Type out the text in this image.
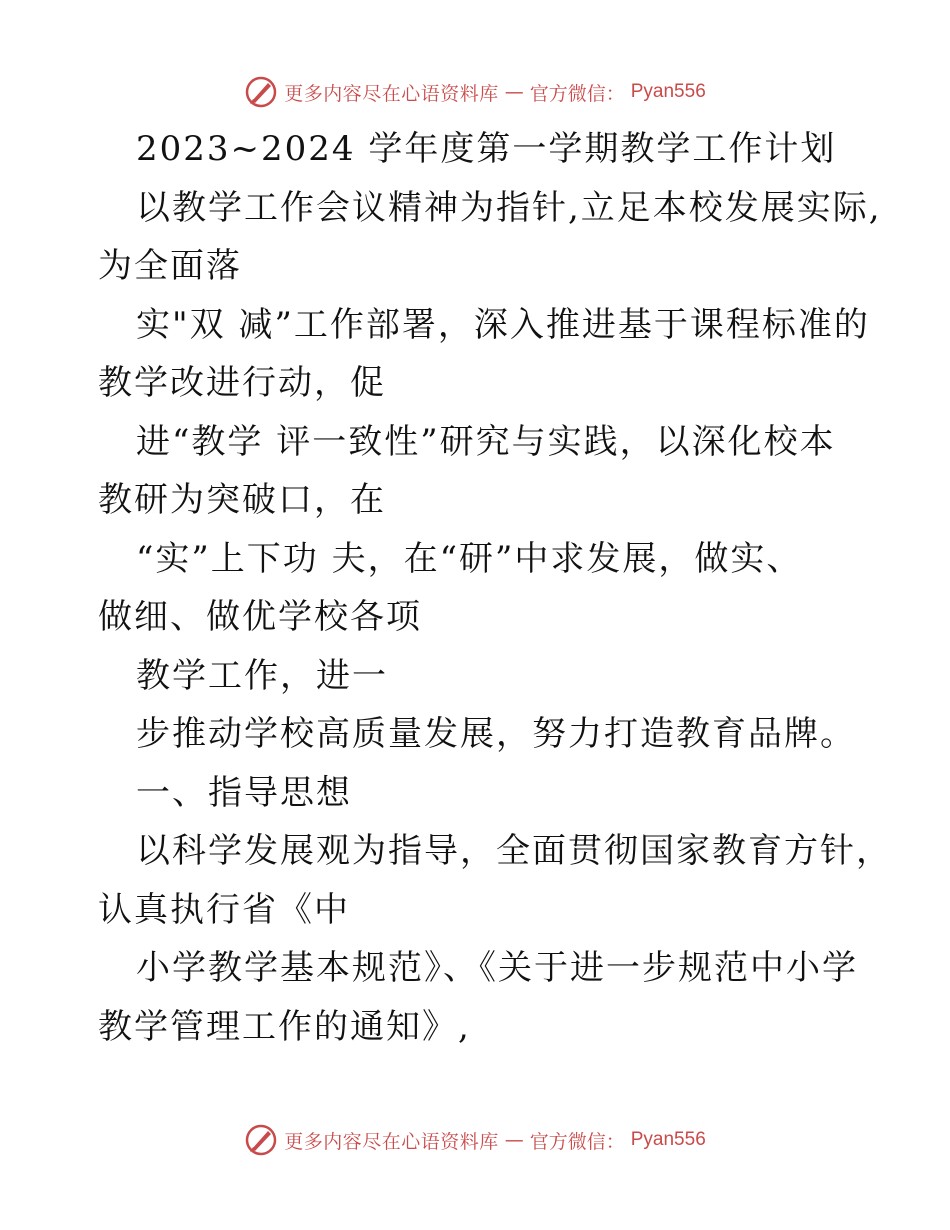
更多内容尽在心语资料库 — 官方微信： Pyan556
2023~2024 学年度第一学期教学工作计划
以教学工作会议精神为指针,立足本校发展实际,
为全面落
实"双 减”工作部署，深入推进基于课程标准的
教学改进行动，促
进“教学 评一致性”研究与实践，以深化校本
教研为突破口，在
“实”上下功 夫，在“研”中求发展，做实、
做细、做优学校各项
教学工作，进一
步推动学校高质量发展，努力打造教育品牌。
一、指导思想
以科学发展观为指导，全面贯彻国家教育方针，
认真执行省《中
小学教学基本规范》、《关于进一步规范中小学
教学管理工作的通知》,
更多内容尽在心语资料库 — 官方微信： Pyan556
